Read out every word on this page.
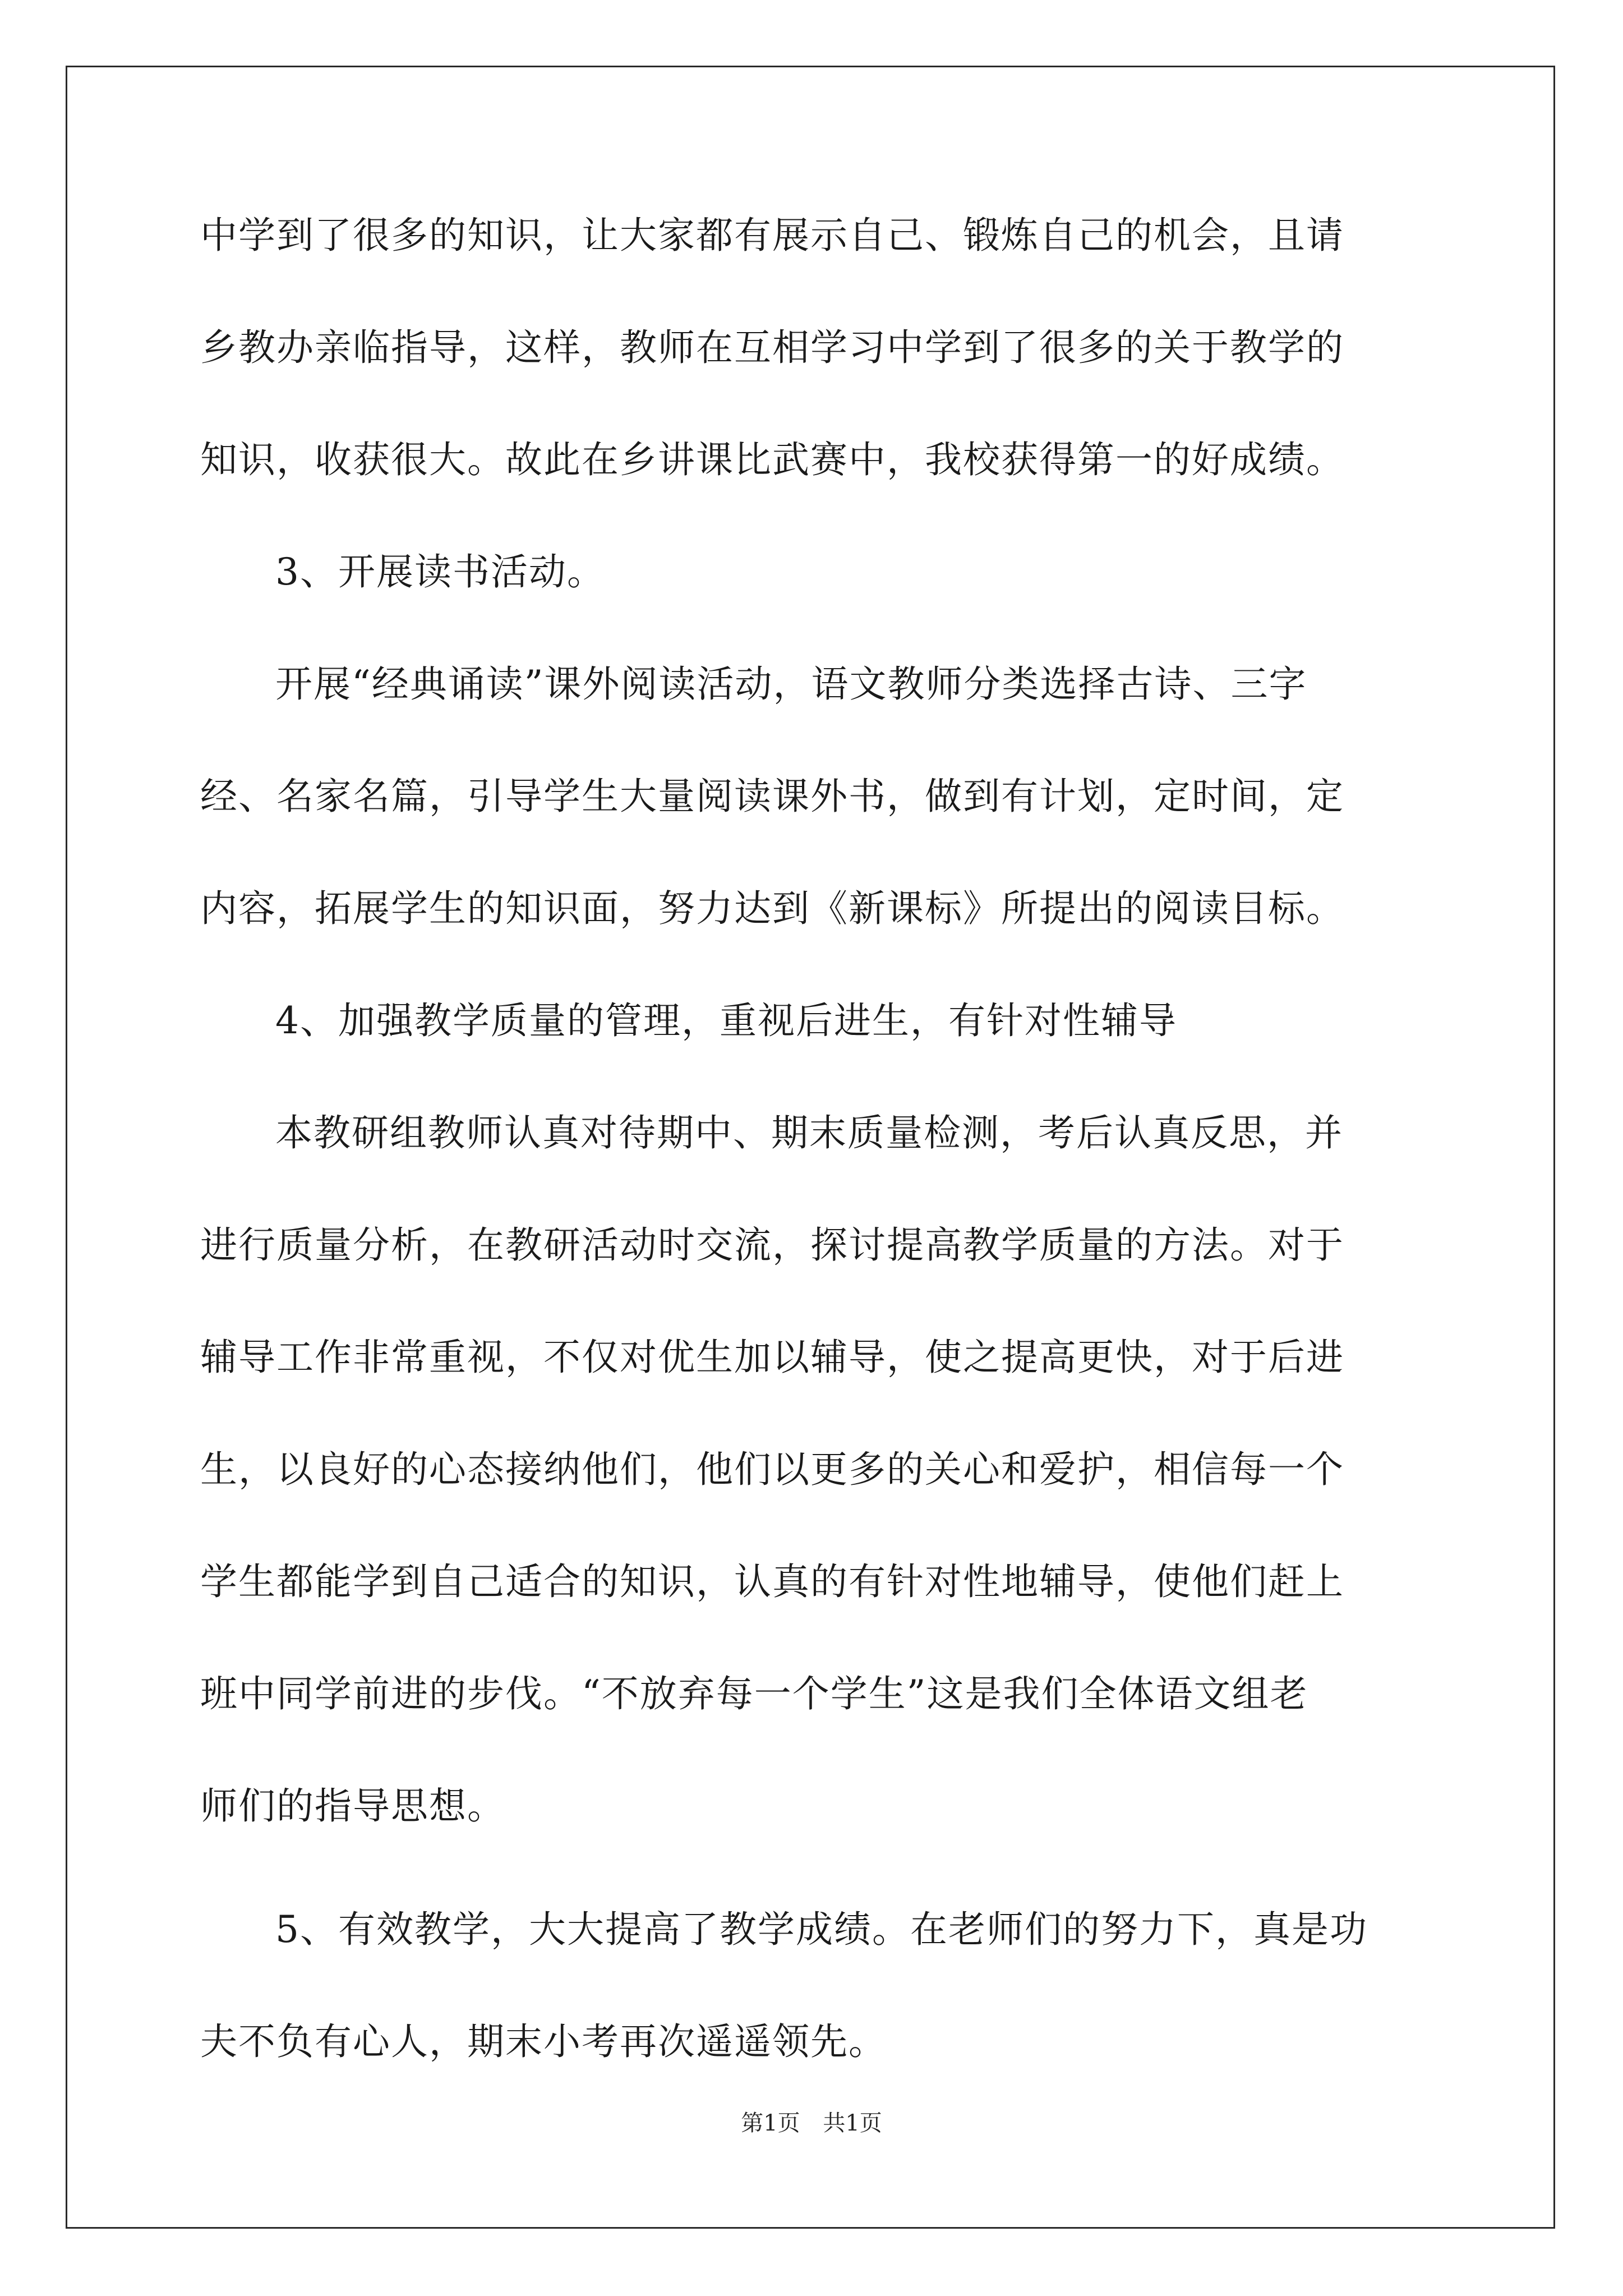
中学到了很多的知识，让大家都有展示自己、锻炼自己的机会，且请
乡教办亲临指导，这样，教师在互相学习中学到了很多的关于教学的
知识，收获很大。故此在乡讲课比武赛中，我校获得第一的好成绩。
3、开展读书活动。
开展“经典诵读”课外阅读活动，语文教师分类选择古诗、三字
经、名家名篇，引导学生大量阅读课外书，做到有计划，定时间，定
内容，拓展学生的知识面，努力达到《新课标》所提出的阅读目标。
4、加强教学质量的管理，重视后进生，有针对性辅导
本教研组教师认真对待期中、期末质量检测，考后认真反思，并
进行质量分析，在教研活动时交流，探讨提高教学质量的方法。对于
辅导工作非常重视，不仅对优生加以辅导，使之提高更快，对于后进
生，以良好的心态接纳他们，他们以更多的关心和爱护，相信每一个
学生都能学到自己适合的知识，认真的有针对性地辅导，使他们赶上
班中同学前进的步伐。“不放弃每一个学生”这是我们全体语文组老
师们的指导思想。
5、有效教学，大大提高了教学成绩。在老师们的努力下，真是功
夫不负有心人，期末小考再次遥遥领先。
第1页 共1页
